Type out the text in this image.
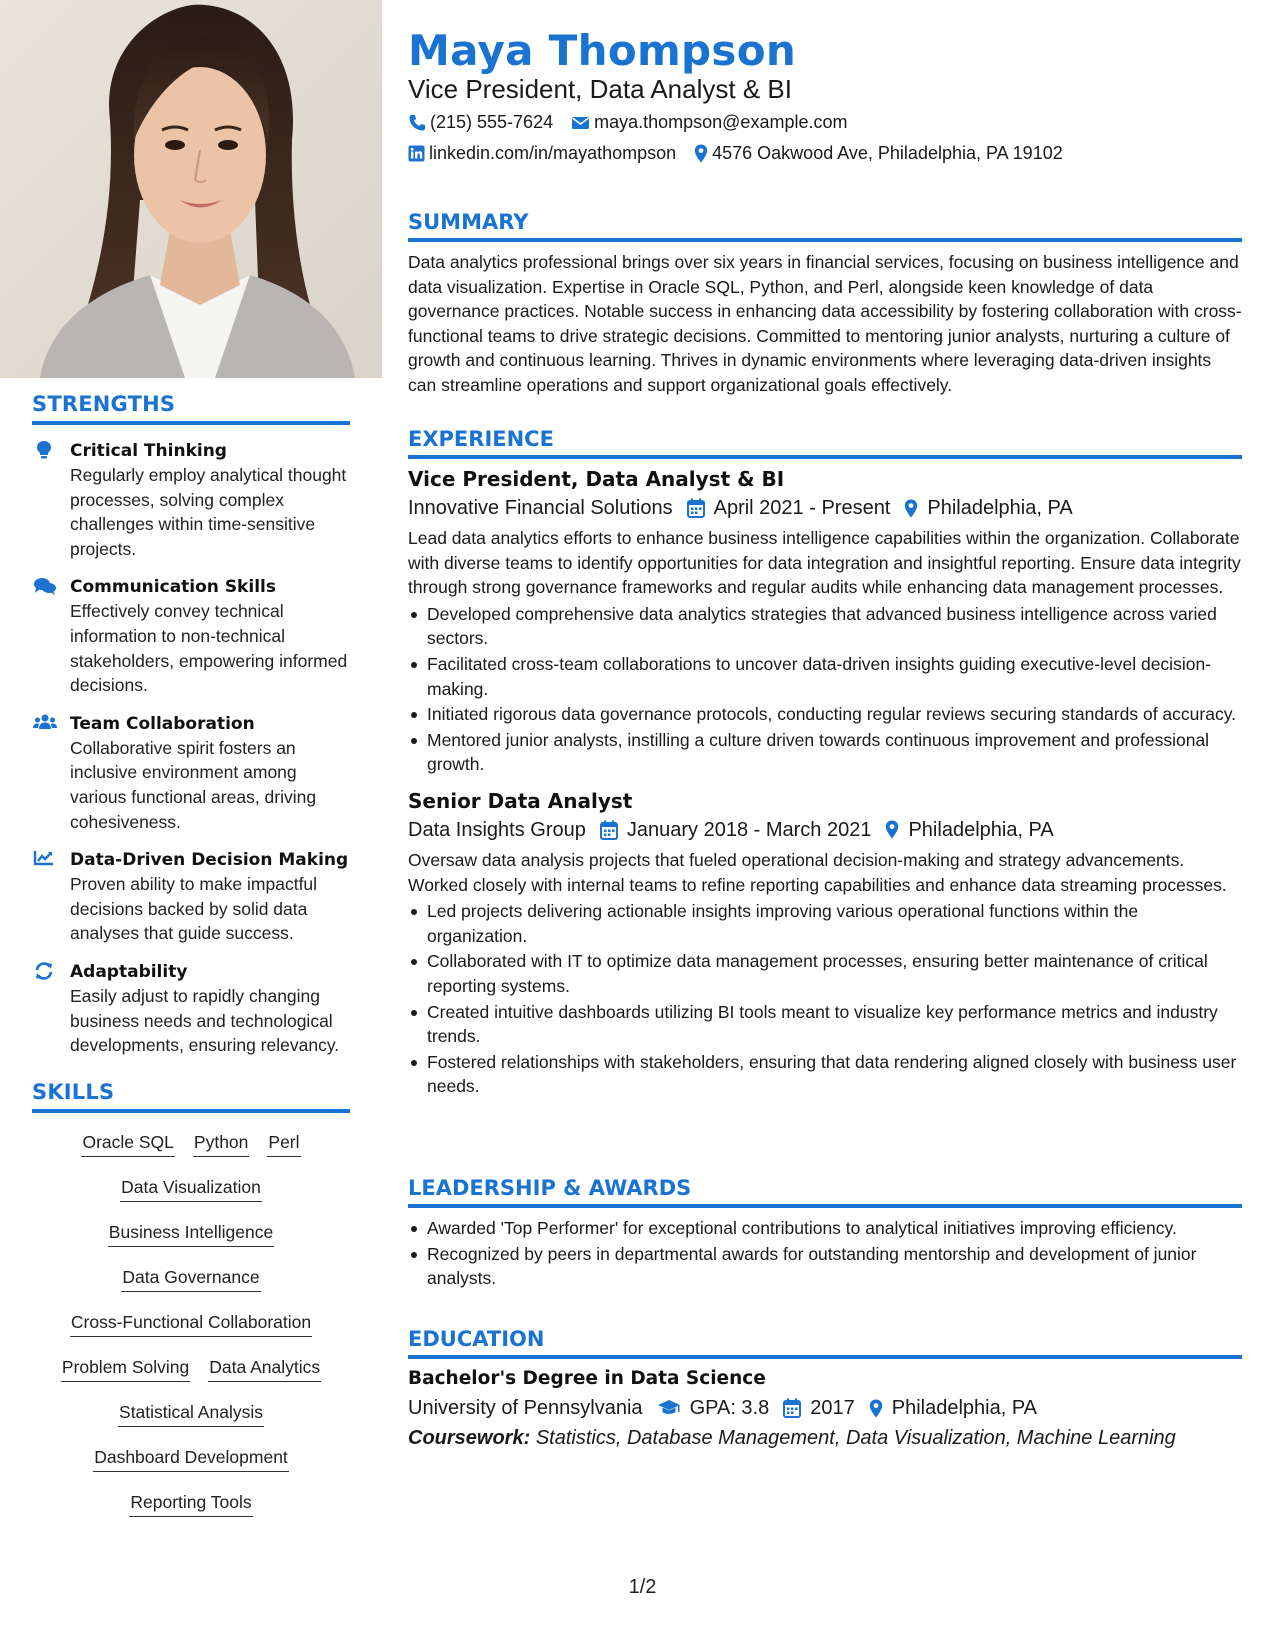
STRENGTHS
Critical Thinking
Regularly employ analytical thought processes, solving complex challenges within time-sensitive projects.
Communication Skills
Effectively convey technical information to non-technical stakeholders, empowering informed decisions.
Team Collaboration
Collaborative spirit fosters an inclusive environment among various functional areas, driving cohesiveness.
Data-Driven Decision Making
Proven ability to make impactful decisions backed by solid data analyses that guide success.
Adaptability
Easily adjust to rapidly changing business needs and technological developments, ensuring relevancy.
SKILLS
Oracle SQL Python Perl
Data Visualization
Business Intelligence
Data Governance
Cross-Functional Collaboration
Problem Solving Data Analytics
Statistical Analysis
Dashboard Development
Reporting Tools
Maya Thompson
Vice President, Data Analyst & BI
(215) 555-7624 maya.thompson@example.com
linkedin.com/in/mayathompson 4576 Oakwood Ave, Philadelphia, PA 19102
SUMMARY
Data analytics professional brings over six years in financial services, focusing on business intelligence and data visualization. Expertise in Oracle SQL, Python, and Perl, alongside keen knowledge of data governance practices. Notable success in enhancing data accessibility by fostering collaboration with cross-functional teams to drive strategic decisions. Committed to mentoring junior analysts, nurturing a culture of growth and continuous learning. Thrives in dynamic environments where leveraging data-driven insights can streamline operations and support organizational goals effectively.
EXPERIENCE
Vice President, Data Analyst & BI
Innovative Financial Solutions April 2021 - Present Philadelphia, PA
Lead data analytics efforts to enhance business intelligence capabilities within the organization. Collaborate with diverse teams to identify opportunities for data integration and insightful reporting. Ensure data integrity through strong governance frameworks and regular audits while enhancing data management processes.
Developed comprehensive data analytics strategies that advanced business intelligence across varied sectors.
Facilitated cross-team collaborations to uncover data-driven insights guiding executive-level decision-making.
Initiated rigorous data governance protocols, conducting regular reviews securing standards of accuracy.
Mentored junior analysts, instilling a culture driven towards continuous improvement and professional growth.
Senior Data Analyst
Data Insights Group January 2018 - March 2021 Philadelphia, PA
Oversaw data analysis projects that fueled operational decision-making and strategy advancements. Worked closely with internal teams to refine reporting capabilities and enhance data streaming processes.
Led projects delivering actionable insights improving various operational functions within the organization.
Collaborated with IT to optimize data management processes, ensuring better maintenance of critical reporting systems.
Created intuitive dashboards utilizing BI tools meant to visualize key performance metrics and industry trends.
Fostered relationships with stakeholders, ensuring that data rendering aligned closely with business user needs.
LEADERSHIP & AWARDS
Awarded 'Top Performer' for exceptional contributions to analytical initiatives improving efficiency.
Recognized by peers in departmental awards for outstanding mentorship and development of junior analysts.
EDUCATION
Bachelor's Degree in Data Science
University of Pennsylvania GPA: 3.8 2017 Philadelphia, PA
Coursework: Statistics, Database Management, Data Visualization, Machine Learning
1/2
